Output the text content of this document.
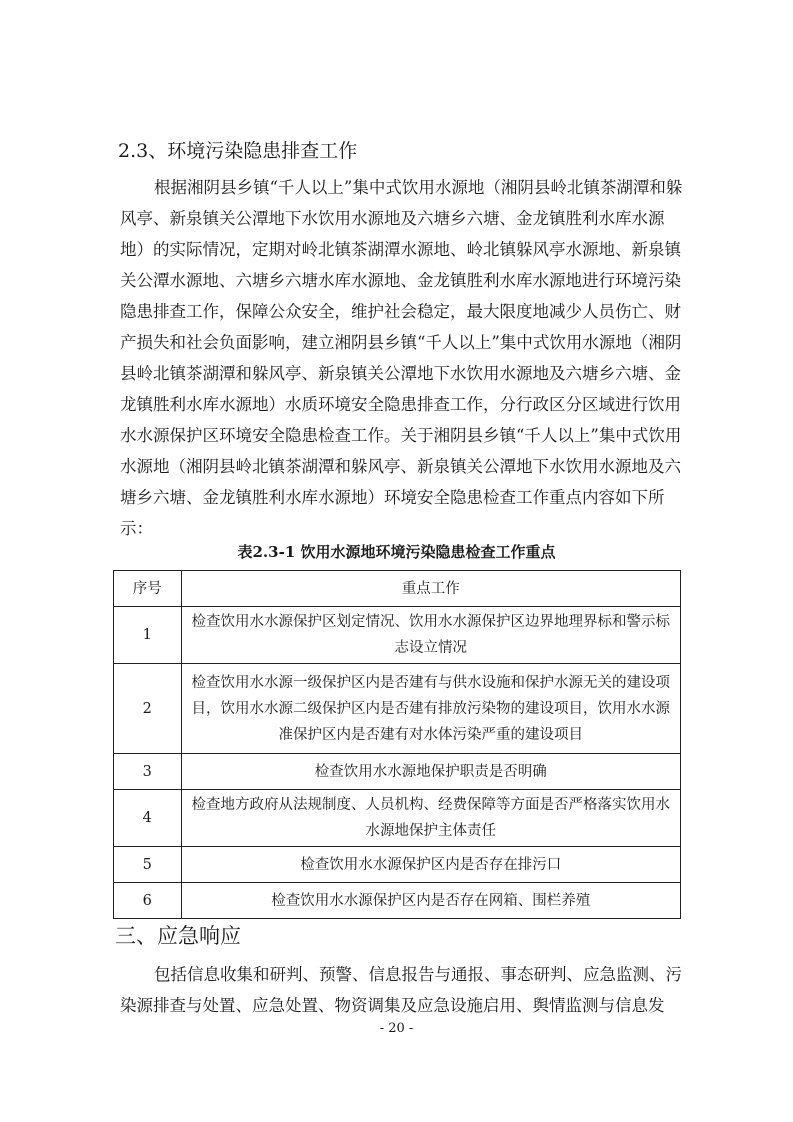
2.3、环境污染隐患排查工作
根据湘阴县乡镇“千人以上”集中式饮用水源地（湘阴县岭北镇茶湖潭和躲
风亭、新泉镇关公潭地下水饮用水源地及六塘乡六塘、金龙镇胜利水库水源
地）的实际情况，定期对岭北镇茶湖潭水源地、岭北镇躲风亭水源地、新泉镇
关公潭水源地、六塘乡六塘水库水源地、金龙镇胜利水库水源地进行环境污染
隐患排查工作，保障公众安全，维护社会稳定，最大限度地减少人员伤亡、财
产损失和社会负面影响，建立湘阴县乡镇“千人以上”集中式饮用水源地（湘阴
县岭北镇茶湖潭和躲风亭、新泉镇关公潭地下水饮用水源地及六塘乡六塘、金
龙镇胜利水库水源地）水质环境安全隐患排查工作，分行政区分区域进行饮用
水水源保护区环境安全隐患检查工作。关于湘阴县乡镇“千人以上”集中式饮用
水源地（湘阴县岭北镇茶湖潭和躲风亭、新泉镇关公潭地下水饮用水源地及六
塘乡六塘、金龙镇胜利水库水源地）环境安全隐患检查工作重点内容如下所
示：
表2.3-1 饮用水源地环境污染隐患检查工作重点
序号	重点工作
1	检查饮用水水源保护区划定情况、饮用水水源保护区边界地理界标和警示标
志设立情况

2	检查饮用水水源一级保护区内是否建有与供水设施和保护水源无关的建设项
目，饮用水水源二级保护区内是否建有排放污染物的建设项目，饮用水水源
准保护区内是否建有对水体污染严重的建设项目

3	检查饮用水水源地保护职责是否明确

4	检查地方政府从法规制度、人员机构、经费保障等方面是否严格落实饮用水
水源地保护主体责任

5	检查饮用水水源保护区内是否存在排污口

6	检查饮用水水源保护区内是否存在网箱、围栏养殖
三、应急响应
包括信息收集和研判、预警、信息报告与通报、事态研判、应急监测、污
染源排查与处置、应急处置、物资调集及应急设施启用、舆情监测与信息发
- 20 -
